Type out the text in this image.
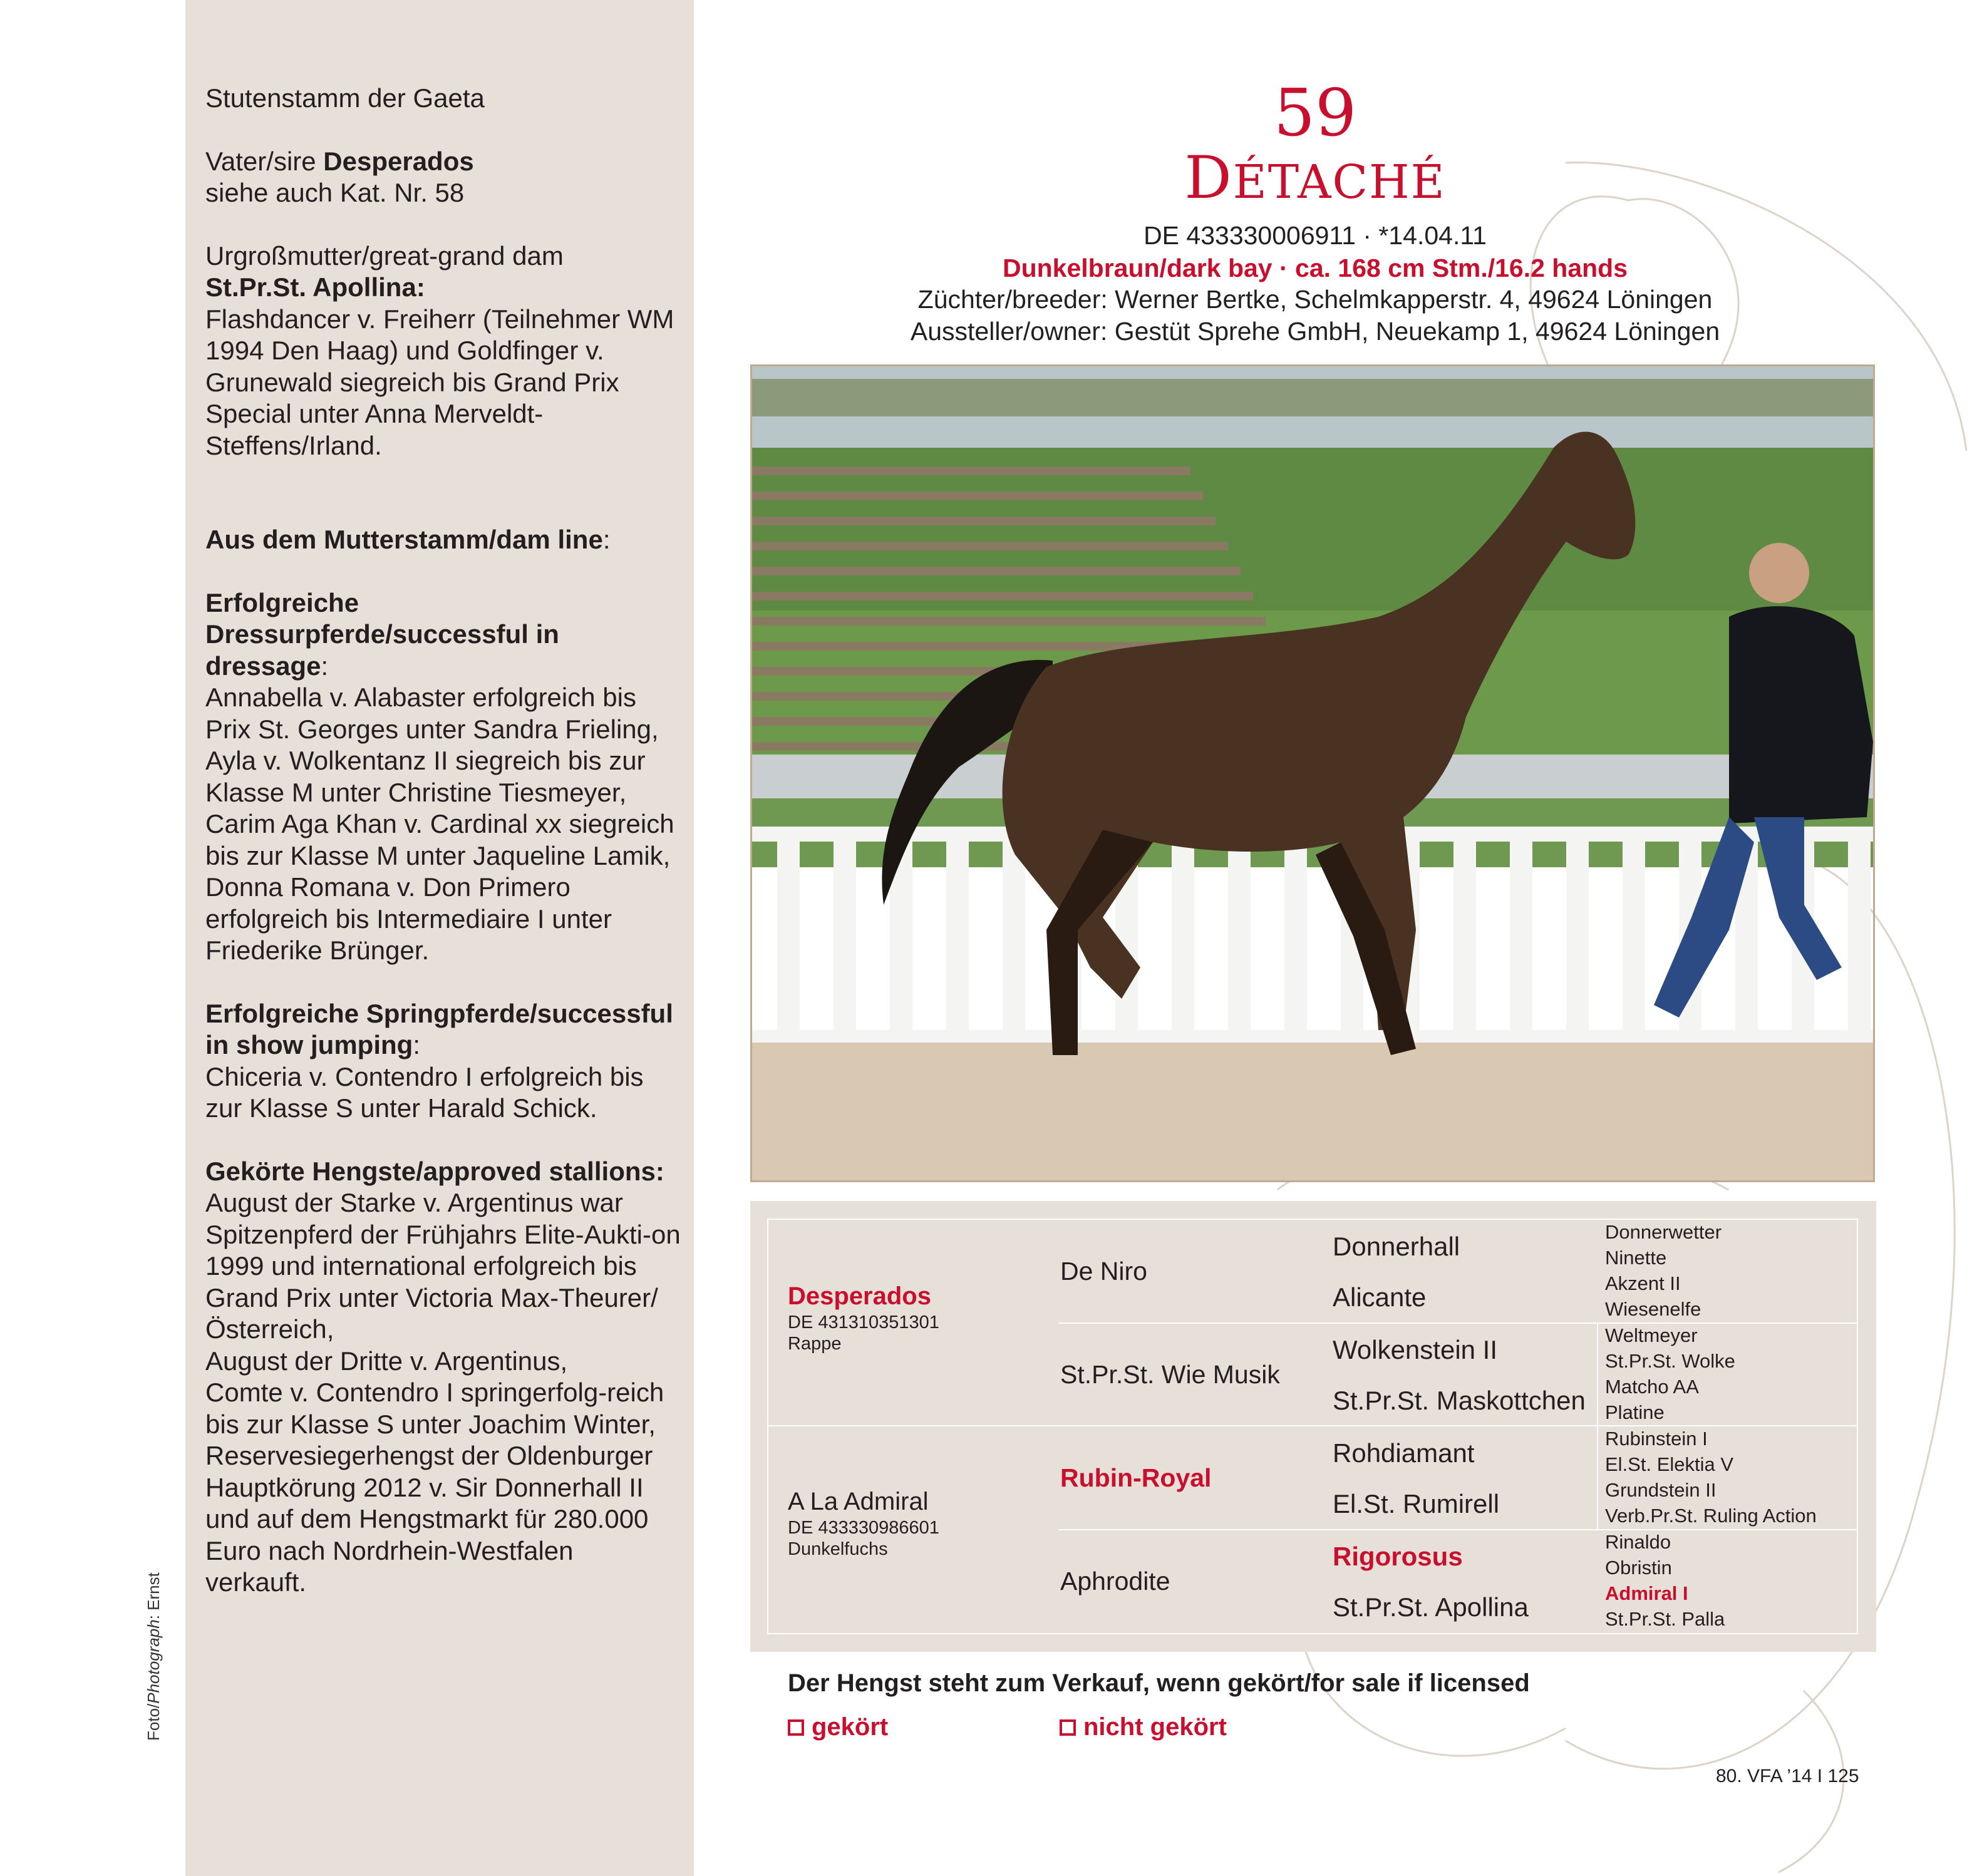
Stutenstamm der Gaeta

Vater/sire Desperados
siehe auch Kat. Nr. 58

Urgroßmutter/great-grand dam
St.Pr.St. Apollina:
Flashdancer v. Freiherr (Teilnehmer WM 1994 Den Haag) und Goldfinger v. Grunewald siegreich bis Grand Prix Special unter Anna Merveldt-Steffens/Irland.

Aus dem Mutterstamm/dam line:

Erfolgreiche Dressurpferde/successful in dressage:
Annabella v. Alabaster erfolgreich bis Prix St. Georges unter Sandra Frieling,
Ayla v. Wolkentanz II siegreich bis zur Klasse M unter Christine Tiesmeyer,
Carim Aga Khan v. Cardinal xx siegreich bis zur Klasse M unter Jaqueline Lamik,
Donna Romana v. Don Primero erfolgreich bis Intermediaire I unter Friederike Brünger.

Erfolgreiche Springpferde/successful in show jumping:
Chiceria v. Contendro I erfolgreich bis zur Klasse S unter Harald Schick.

Gekörte Hengste/approved stallions:
August der Starke v. Argentinus war Spitzenpferd der Frühjahrs Elite-Aukti-on 1999 und international erfolgreich bis Grand Prix unter Victoria Max-Theurer/Österreich,
August der Dritte v. Argentinus,
Comte v. Contendro I springerfolg-reich bis zur Klasse S unter Joachim Winter,
Reservesiegerhengst der Oldenburger Hauptkörung 2012 v. Sir Donnerhall II und auf dem Hengstmarkt für 280.000 Euro nach Nordrhein-Westfalen verkauft.

Foto/Photograph: Ernst
59
DÉTACHÉ
DE 433330006911 · *14.04.11
Dunkelbraun/dark bay · ca. 168 cm Stm./16.2 hands
Züchter/breeder: Werner Bertke, Schelmkapperstr. 4, 49624 Löningen
Aussteller/owner: Gestüt Sprehe GmbH, Neuekamp 1, 49624 Löningen
Desperados
DE 431310351301
Rappe
A La Admiral
DE 433330986601
Dunkelfuchs
De Niro
St.Pr.St. Wie Musik
Rubin-Royal
Aphrodite
Donnerhall
Alicante
Wolkenstein II
St.Pr.St. Maskottchen
Rohdiamant
El.St. Rumirell
Rigorosus
St.Pr.St. Apollina
Donnerwetter
Ninette
Akzent II
Wiesenelfe
Weltmeyer
St.Pr.St. Wolke
Matcho AA
Platine
Rubinstein I
El.St. Elektia V
Grundstein II
Verb.Pr.St. Ruling Action
Rinaldo
Obristin
Admiral I
St.Pr.St. Palla
Der Hengst steht zum Verkauf, wenn gekört/for sale if licensed
gekört	nicht gekört
80. VFA ’14 I 125
